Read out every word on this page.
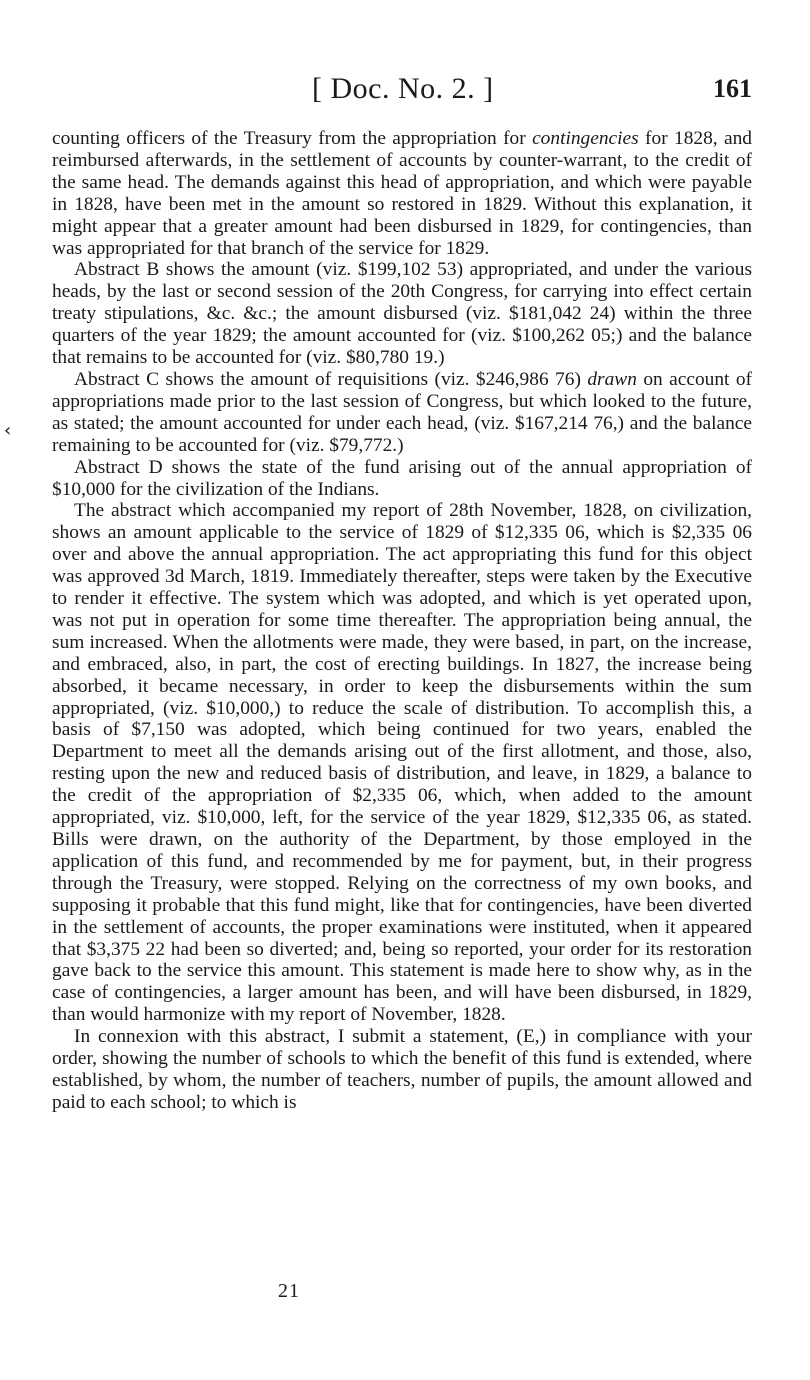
[ Doc. No. 2. ]	161
‹

counting officers of the Treasury from the appropriation for contingencies for 1828, and reimbursed afterwards, in the settlement of accounts by counter-warrant, to the credit of the same head. The demands against this head of appropriation, and which were payable in 1828, have been met in the amount so restored in 1829. Without this explanation, it might appear that a greater amount had been disbursed in 1829, for contingencies, than was appropriated for that branch of the service for 1829.

Abstract B shows the amount (viz. $199,102 53) appropriated, and under the various heads, by the last or second session of the 20th Congress, for carrying into effect certain treaty stipulations, &c. &c.; the amount disbursed (viz. $181,042 24) within the three quarters of the year 1829; the amount accounted for (viz. $100,262 05;) and the balance that remains to be accounted for (viz. $80,780 19.)

Abstract C shows the amount of requisitions (viz. $246,986 76) drawn on account of appropriations made prior to the last session of Congress, but which looked to the future, as stated; the amount accounted for under each head, (viz. $167,214 76,) and the balance remaining to be accounted for (viz. $79,772.)

Abstract D shows the state of the fund arising out of the annual appropriation of $10,000 for the civilization of the Indians.

The abstract which accompanied my report of 28th November, 1828, on civilization, shows an amount applicable to the service of 1829 of $12,335 06, which is $2,335 06 over and above the annual appropriation. The act appropriating this fund for this object was approved 3d March, 1819. Immediately thereafter, steps were taken by the Executive to render it effective. The system which was adopted, and which is yet operated upon, was not put in operation for some time thereafter. The appropriation being annual, the sum increased. When the allotments were made, they were based, in part, on the increase, and embraced, also, in part, the cost of erecting buildings. In 1827, the increase being absorbed, it became necessary, in order to keep the disbursements within the sum appropriated, (viz. $10,000,) to reduce the scale of distribution. To accomplish this, a basis of $7,150 was adopted, which being continued for two years, enabled the Department to meet all the demands arising out of the first allotment, and those, also, resting upon the new and reduced basis of distribution, and leave, in 1829, a balance to the credit of the appropriation of $2,335 06, which, when added to the amount appropriated, viz. $10,000, left, for the service of the year 1829, $12,335 06, as stated. Bills were drawn, on the authority of the Department, by those employed in the application of this fund, and recommended by me for payment, but, in their progress through the Treasury, were stopped. Relying on the correctness of my own books, and supposing it probable that this fund might, like that for contingencies, have been diverted in the settlement of accounts, the proper examinations were instituted, when it appeared that $3,375 22 had been so diverted; and, being so reported, your order for its restoration gave back to the service this amount. This statement is made here to show why, as in the case of contingencies, a larger amount has been, and will have been disbursed, in 1829, than would harmonize with my report of November, 1828.

In connexion with this abstract, I submit a statement, (E,) in compliance with your order, showing the number of schools to which the benefit of this fund is extended, where established, by whom, the number of teachers, number of pupils, the amount allowed and paid to each school; to which is

21
